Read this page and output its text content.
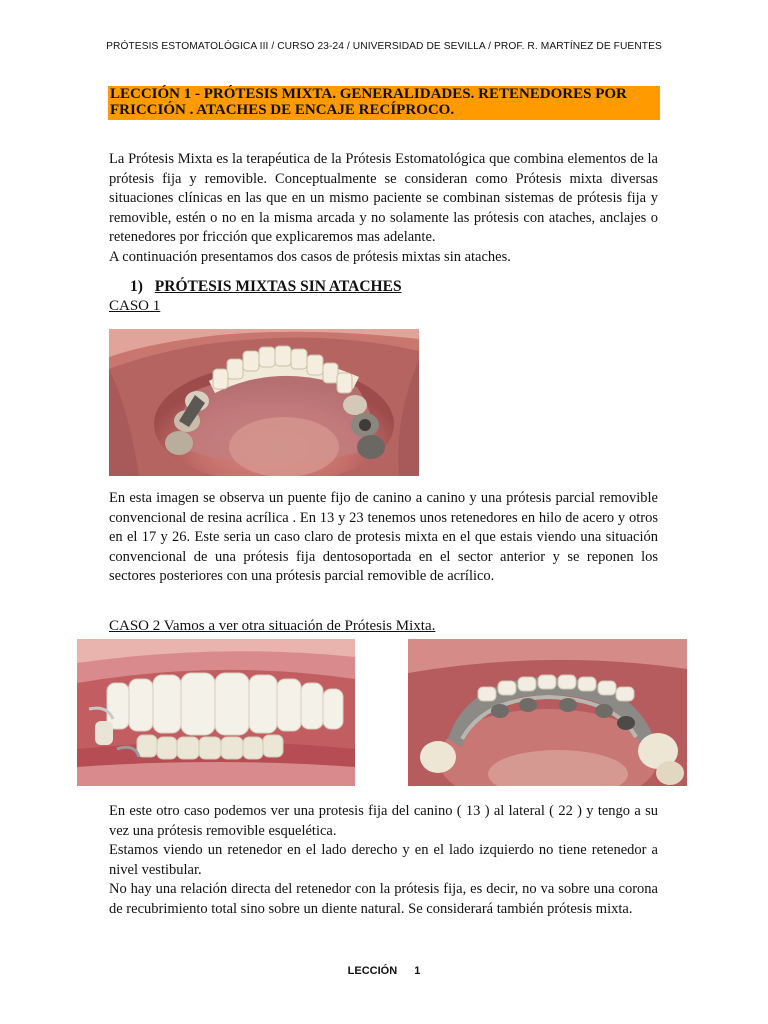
PRÓTESIS ESTOMATOLÓGICA III / CURSO 23-24 / UNIVERSIDAD DE SEVILLA / PROF. R. MARTÍNEZ DE FUENTES
LECCIÓN 1 - PRÓTESIS MIXTA. GENERALIDADES. RETENEDORES POR FRICCIÓN . ATACHES DE ENCAJE RECÍPROCO.

La Prótesis Mixta es la terapéutica de la Prótesis Estomatológica que combina elementos de la prótesis fija y removible. Conceptualmente se consideran como Prótesis mixta diversas situaciones clínicas en las que en un mismo paciente se combinan sistemas de prótesis fija y removible, estén o no en la misma arcada y no solamente las prótesis con ataches, anclajes o retenedores por fricción que explicaremos mas adelante.

A continuación presentamos dos casos de prótesis mixtas sin ataches.

1) PRÓTESIS MIXTAS SIN ATACHES
CASO 1

En esta imagen se observa un puente fijo de canino a canino y una prótesis parcial removible convencional de resina acrílica . En 13 y 23 tenemos unos retenedores en hilo de acero y otros en el 17 y 26. Este seria un caso claro de protesis mixta en el que estais viendo una situación convencional de una prótesis fija dentosoportada en el sector anterior y se reponen los sectores posteriores con una prótesis parcial removible de acrílico.

CASO 2 Vamos a ver otra situación de Prótesis Mixta.

En este otro caso podemos ver una protesis fija del canino ( 13 ) al lateral ( 22 ) y tengo a su vez una prótesis removible esquelética.

Estamos viendo un retenedor en el lado derecho y en el lado izquierdo no tiene retenedor a nivel vestibular.

No hay una relación directa del retenedor con la prótesis fija, es decir, no va sobre una corona de recubrimiento total sino sobre un diente natural. Se considerará también prótesis mixta.

LECCIÓN 1
